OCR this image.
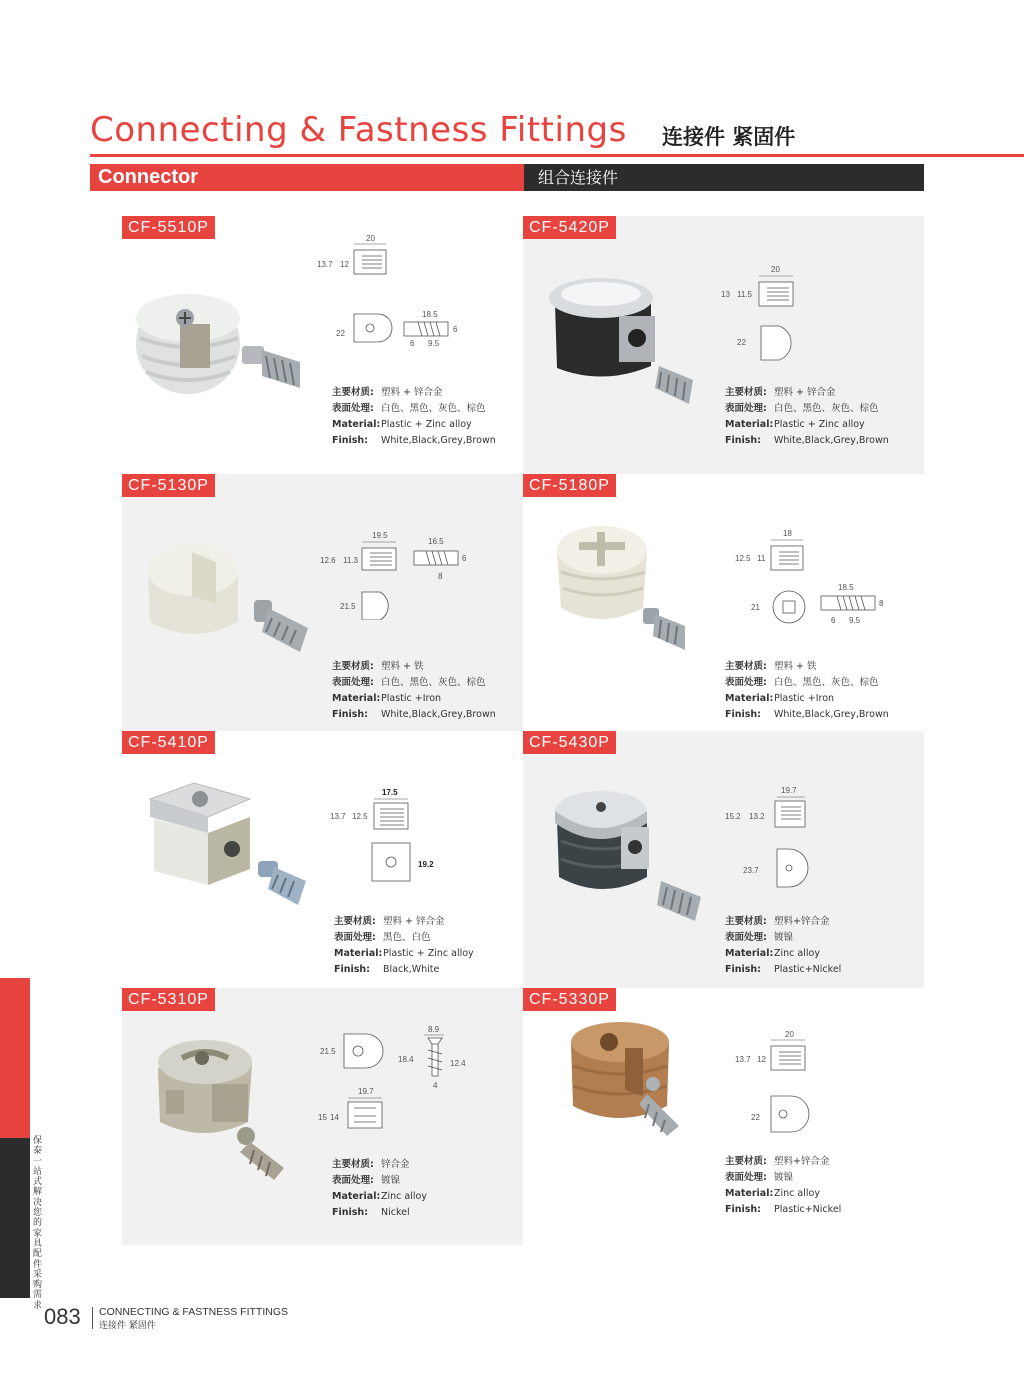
Connecting & Fastness Fittings 连接件 紧固件
Connector	组合连接件
CF-5510P
20
13.7 12
22
18.5
6
6 9.5
主要材质: 塑料 + 锌合金
表面处理: 白色、黑色、灰色、棕色
Material:Plastic + Zinc alloy
Finish: White,Black,Grey,Brown
CF-5420P
20
13 11.5
22
主要材质: 塑料 + 锌合金
表面处理: 白色、黑色、灰色、棕色
Material:Plastic + Zinc alloy
Finish: White,Black,Grey,Brown
CF-5130P
19.5
12.6 11.3
16.5
6
8
21.5
主要材质: 塑料 + 铁
表面处理: 白色、黑色、灰色、棕色
Material:Plastic +Iron
Finish: White,Black,Grey,Brown
CF-5180P
18
12.5 11
21
18.5
8
6 9.5
主要材质: 塑料 + 铁
表面处理: 白色、黑色、灰色、棕色
Material:Plastic +Iron
Finish: White,Black,Grey,Brown
CF-5410P
17.5
13.7 12.5
19.2
主要材质: 塑料 + 锌合金
表面处理: 黑色、白色
Material:Plastic + Zinc alloy
Finish: Black,White
CF-5430P
19.7
15.2 13.2
23.7
主要材质: 塑料+锌合金
表面处理: 镀镍
Material:Zinc alloy
Finish: Plastic+Nickel
CF-5310P
21.5
8.9
18.4	12.4
4
19.7
15 14
主要材质: 锌合金
表面处理: 镀镍
Material:Zinc alloy
Finish: Nickel
CF-5330P
20
13.7 12
22
主要材质: 塑料+锌合金
表面处理: 镀镍
Material:Zinc alloy
Finish: Plastic+Nickel
保泰 一站式解决您的家具配件采购需求 083 CONNECTING & FASTNESS FITTINGS
连接件 紧固件
